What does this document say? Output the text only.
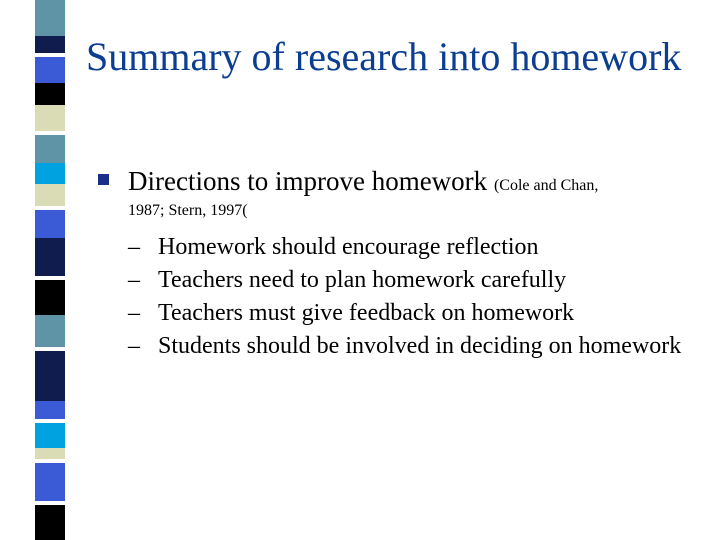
Summary of research into homework
Directions to improve homework (Cole and Chan,
1987; Stern, 1997(
– Homework should encourage reflection
– Teachers need to plan homework carefully
– Teachers must give feedback on homework
– Students should be involved in deciding on homework
